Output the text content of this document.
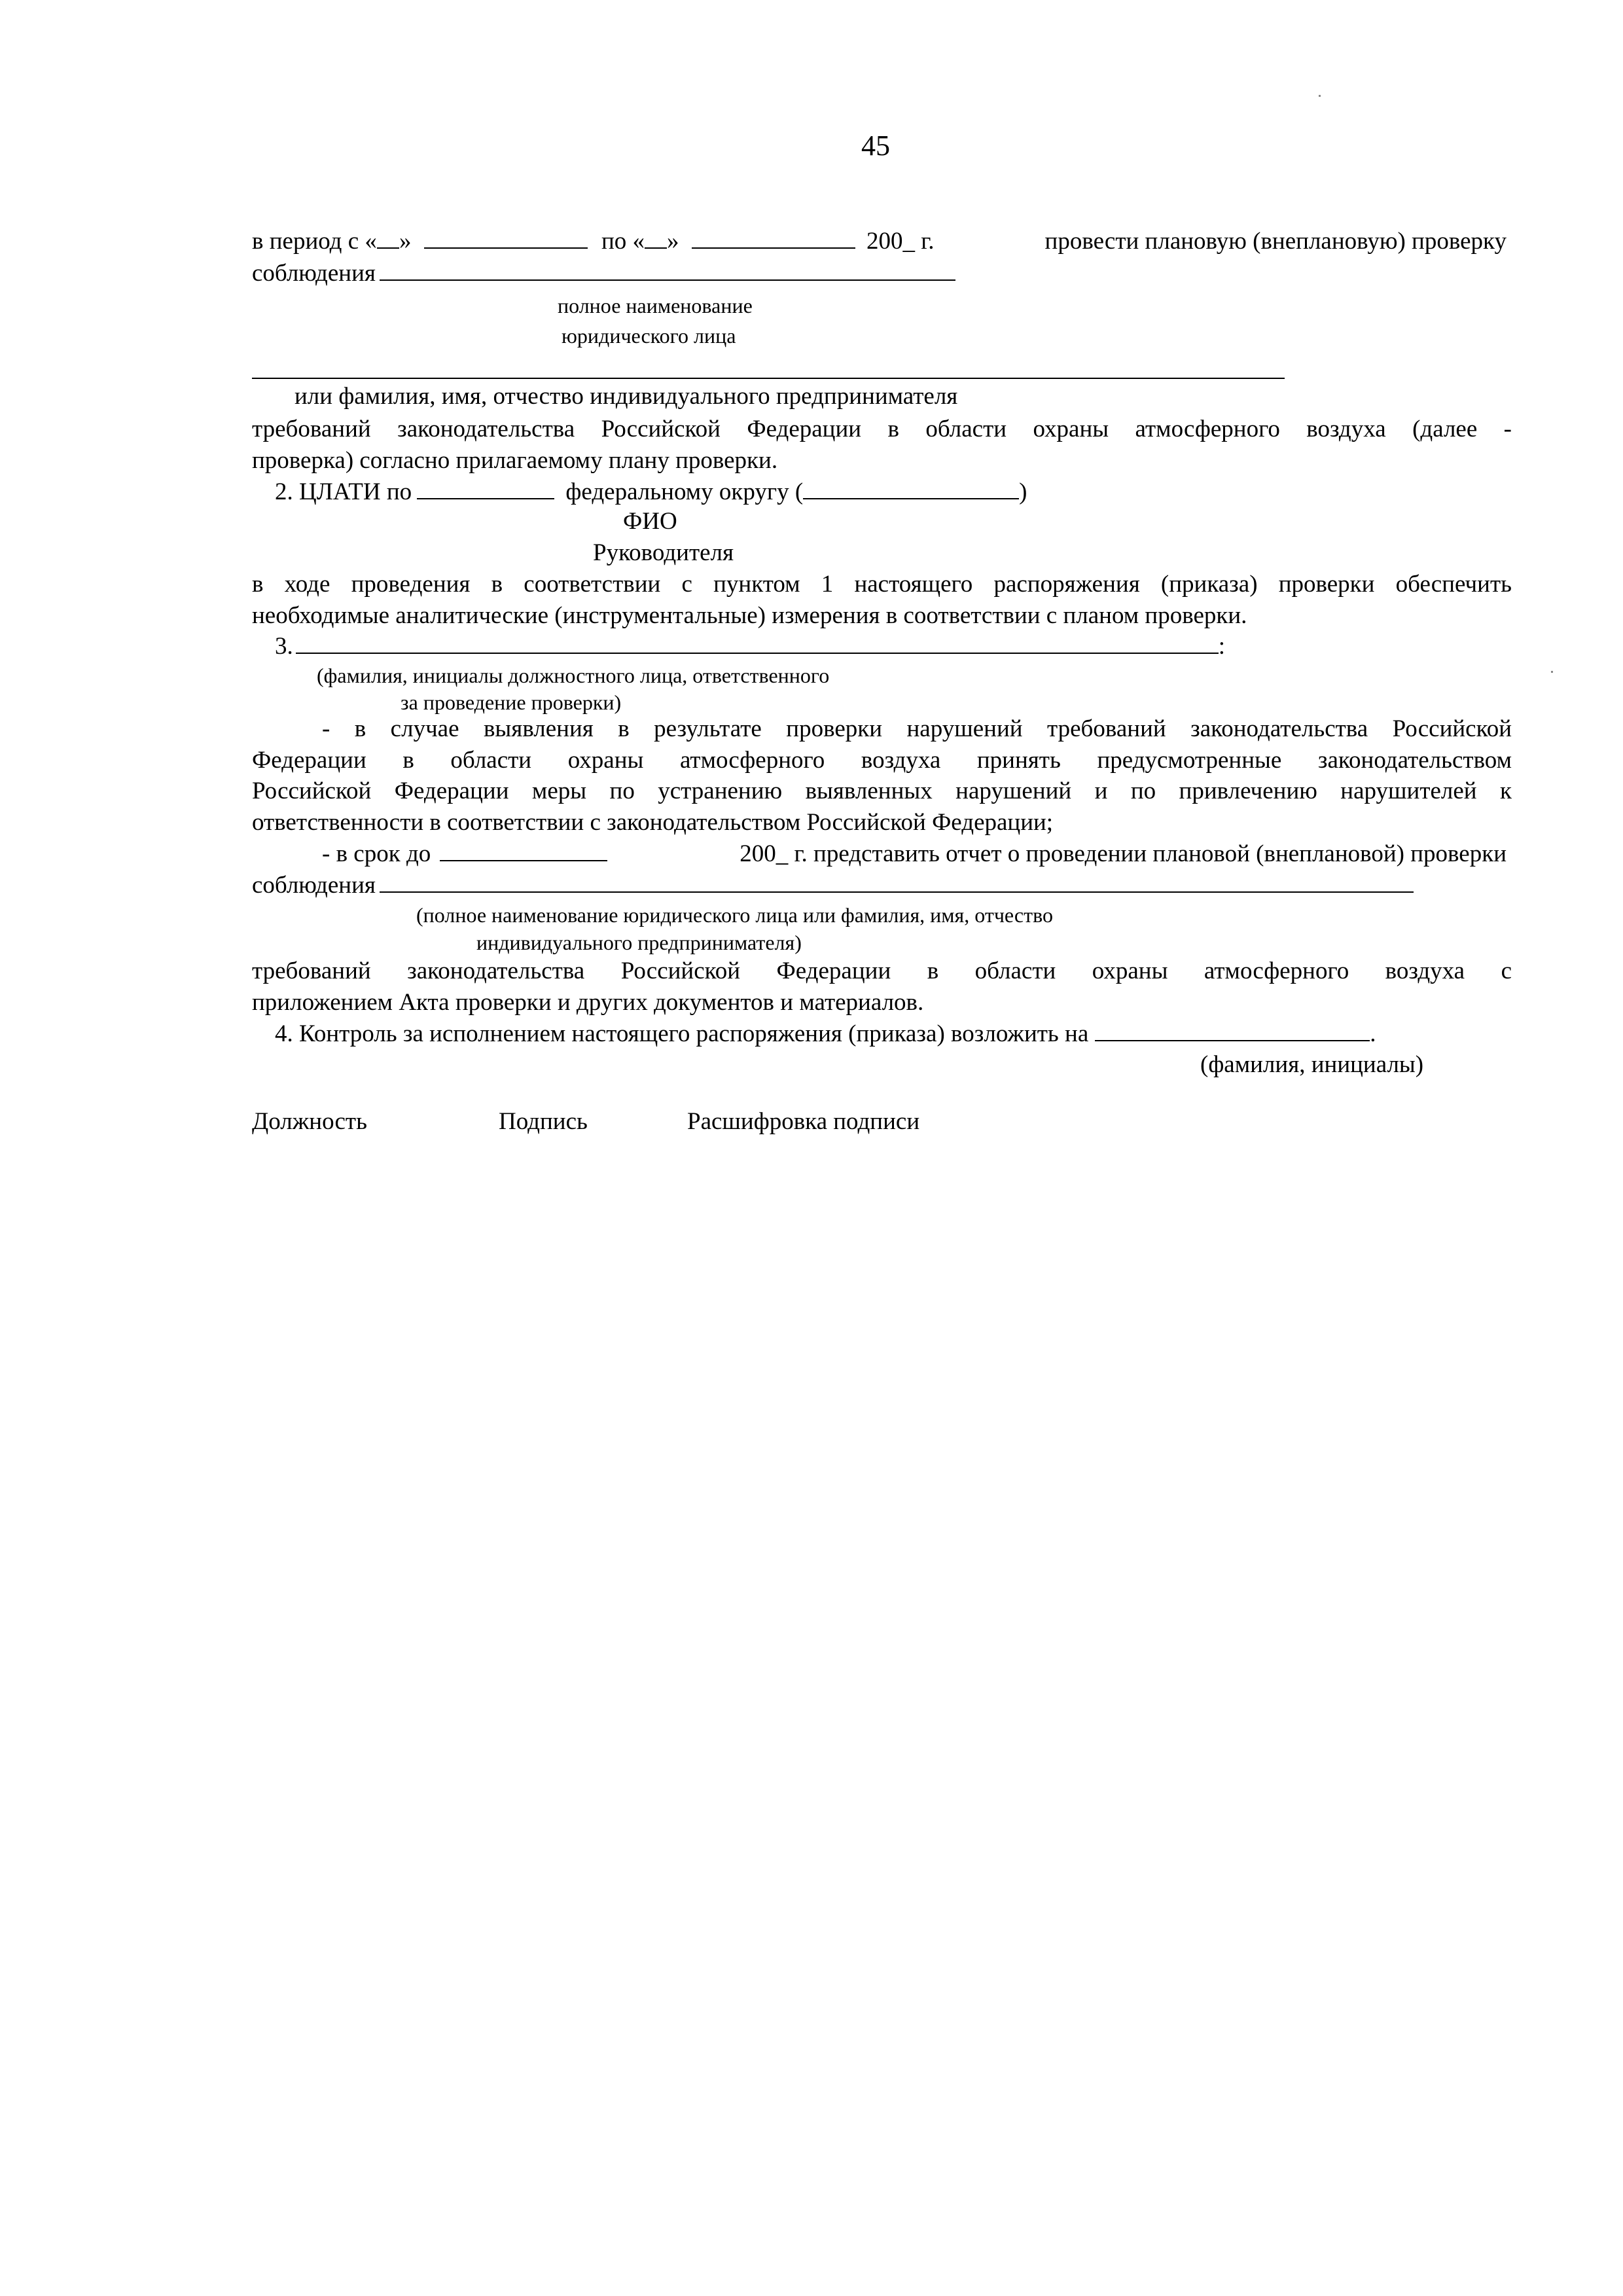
45
в период с « »	по « »	200_ г.	провести плановую (внеплановую) проверку
соблюдения
полное наименование
юридического лица
или фамилия, имя, отчество индивидуального предпринимателя
требований законодательства Российской Федерации в области охраны атмосферного воздуха (далее -
проверка) согласно прилагаемому плану проверки.
2. ЦЛАТИ по	федеральному округу (	)
ФИО
Руководителя
в ходе проведения в соответствии с пунктом 1 настоящего распоряжения (приказа) проверки обеспечить
необходимые аналитические (инструментальные) измерения в соответствии с планом проверки.
3.	:
(фамилия, инициалы должностного лица, ответственного
за проведение проверки)
- в случае выявления в результате проверки нарушений требований законодательства Российской
Федерации в области охраны атмосферного воздуха принять предусмотренные законодательством
Российской Федерации меры по устранению выявленных нарушений и по привлечению нарушителей к
ответственности в соответствии с законодательством Российской Федерации;
- в срок до	200_ г. представить отчет о проведении плановой (внеплановой) проверки
соблюдения
(полное наименование юридического лица или фамилия, имя, отчество
индивидуального предпринимателя)
требований законодательства Российской Федерации в области охраны атмосферного воздуха с
приложением Акта проверки и других документов и материалов.
4. Контроль за исполнением настоящего распоряжения (приказа) возложить на	.
(фамилия, инициалы)
Должность	Подпись	Расшифровка подписи
